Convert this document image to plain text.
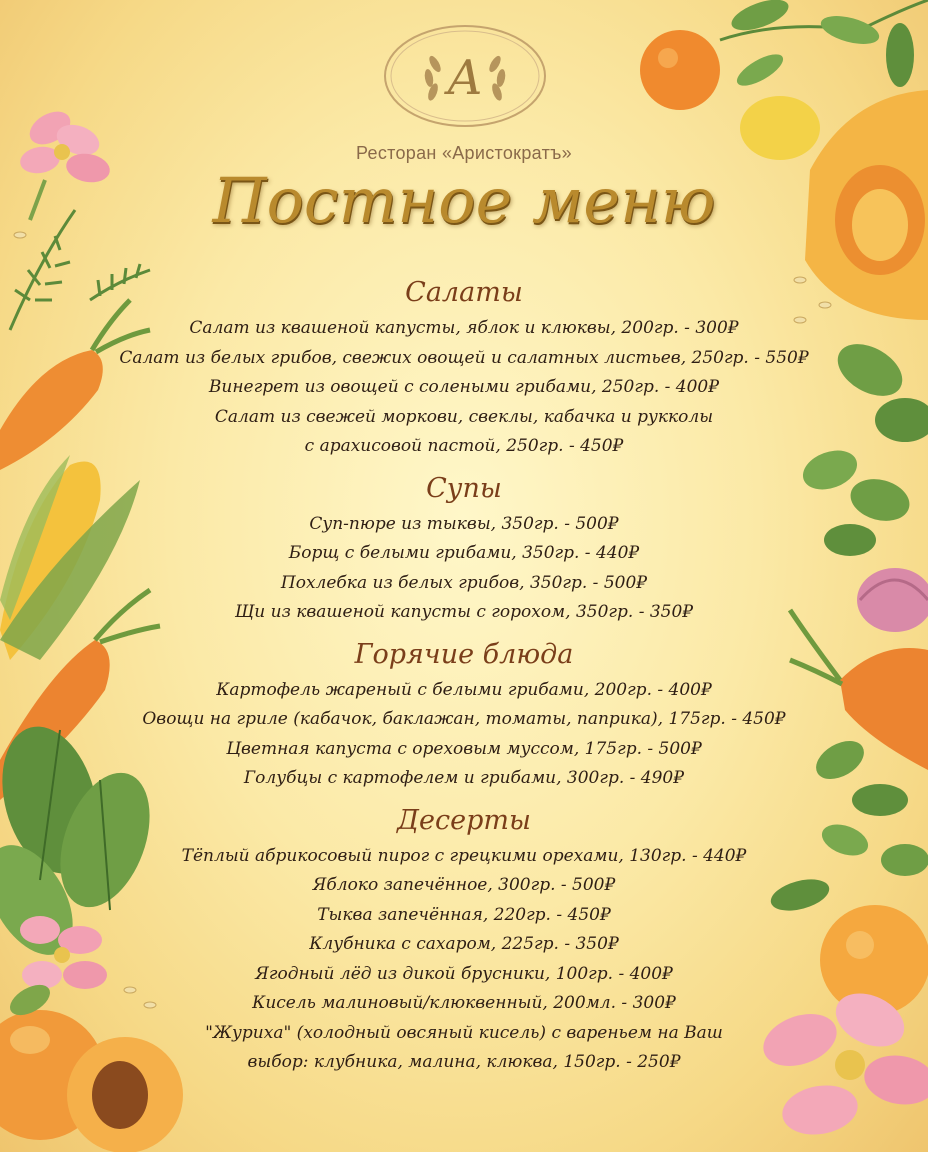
А
Ресторан «Аристократъ»
Постное меню
Салаты
Салат из квашеной капусты, яблок и клюквы, 200гр. - 300₽
Салат из белых грибов, свежих овощей и салатных листьев, 250гр. - 550₽
Винегрет из овощей с солеными грибами, 250гр. - 400₽
Салат из свежей моркови, свеклы, кабачка и рукколы
с арахисовой пастой, 250гр. - 450₽
Супы
Суп-пюре из тыквы, 350гр. - 500₽
Борщ с белыми грибами, 350гр. - 440₽
Похлебка из белых грибов, 350гр. - 500₽
Щи из квашеной капусты с горохом, 350гр. - 350₽
Горячие блюда
Картофель жареный с белыми грибами, 200гр. - 400₽
Овощи на гриле (кабачок, баклажан, томаты, паприка), 175гр. - 450₽
Цветная капуста с ореховым муссом, 175гр. - 500₽
Голубцы с картофелем и грибами, 300гр. - 490₽
Десерты
Тёплый абрикосовый пирог с грецкими орехами, 130гр. - 440₽
Яблоко запечённое, 300гр. - 500₽
Тыква запечённая, 220гр. - 450₽
Клубника с сахаром, 225гр. - 350₽
Ягодный лёд из дикой брусники, 100гр. - 400₽
Кисель малиновый/клюквенный, 200мл. - 300₽
"Журиха" (холодный овсяный кисель) с вареньем на Ваш
выбор: клубника, малина, клюква, 150гр. - 250₽
